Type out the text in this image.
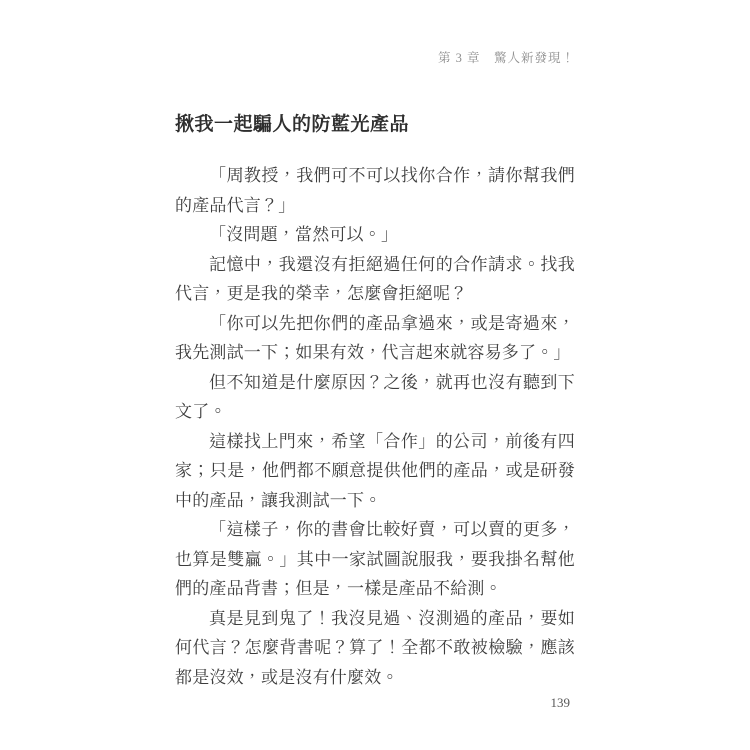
第 3 章　驚人新發現！
揪我一起騙人的防藍光產品

「周教授，我們可不可以找你合作，請你幫我們的產品代言？」

「沒問題，當然可以。」

記憶中，我還沒有拒絕過任何的合作請求。找我代言，更是我的榮幸，怎麼會拒絕呢？

「你可以先把你們的產品拿過來，或是寄過來，我先測試一下；如果有效，代言起來就容易多了。」

但不知道是什麼原因？之後，就再也沒有聽到下文了。

這樣找上門來，希望「合作」的公司，前後有四家；只是，他們都不願意提供他們的產品，或是研發中的產品，讓我測試一下。

「這樣子，你的書會比較好賣，可以賣的更多，也算是雙贏。」其中一家試圖說服我，要我掛名幫他們的產品背書；但是，一樣是產品不給測。

真是見到鬼了！我沒見過、沒測過的產品，要如何代言？怎麼背書呢？算了！全都不敢被檢驗，應該都是沒效，或是沒有什麼效。

139
